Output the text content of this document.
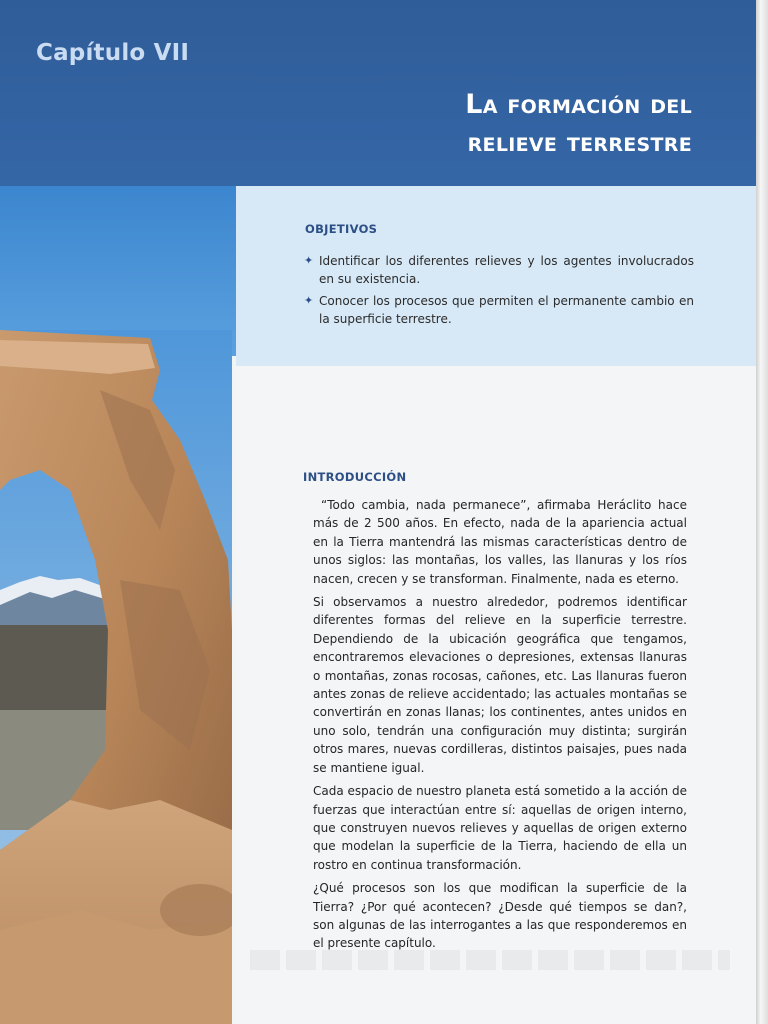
Capítulo VII
La formación del
relieve terrestre
OBJETIVOS
✦ Identificar los diferentes relieves y los agentes involucrados en su existencia.
✦ Conocer los procesos que permiten el permanente cambio en la superficie terrestre.
INTRODUCCIÓN

“Todo cambia, nada permanece”, afirmaba Heráclito hace más de 2 500 años. En efecto, nada de la apariencia actual en la Tierra mantendrá las mismas características dentro de unos siglos: las montañas, los valles, las llanuras y los ríos nacen, crecen y se transforman. Finalmente, nada es eterno.

Si observamos a nuestro alrededor, podremos identificar diferentes formas del relieve en la superficie terrestre. Dependiendo de la ubicación geográfica que tengamos, encontraremos elevaciones o depresiones, extensas llanuras o montañas, zonas rocosas, cañones, etc. Las llanuras fueron antes zonas de relieve accidentado; las actuales montañas se convertirán en zonas llanas; los continentes, antes unidos en uno solo, tendrán una configuración muy distinta; surgirán otros mares, nuevas cordilleras, distintos paisajes, pues nada se mantiene igual.

Cada espacio de nuestro planeta está sometido a la acción de fuerzas que interactúan entre sí: aquellas de origen interno, que construyen nuevos relieves y aquellas de origen externo que modelan la superficie de la Tierra, haciendo de ella un rostro en continua transformación.

¿Qué procesos son los que modifican la superficie de la Tierra? ¿Por qué acontecen? ¿Desde qué tiempos se dan?, son algunas de las interrogantes a las que responderemos en el presente capítulo.
